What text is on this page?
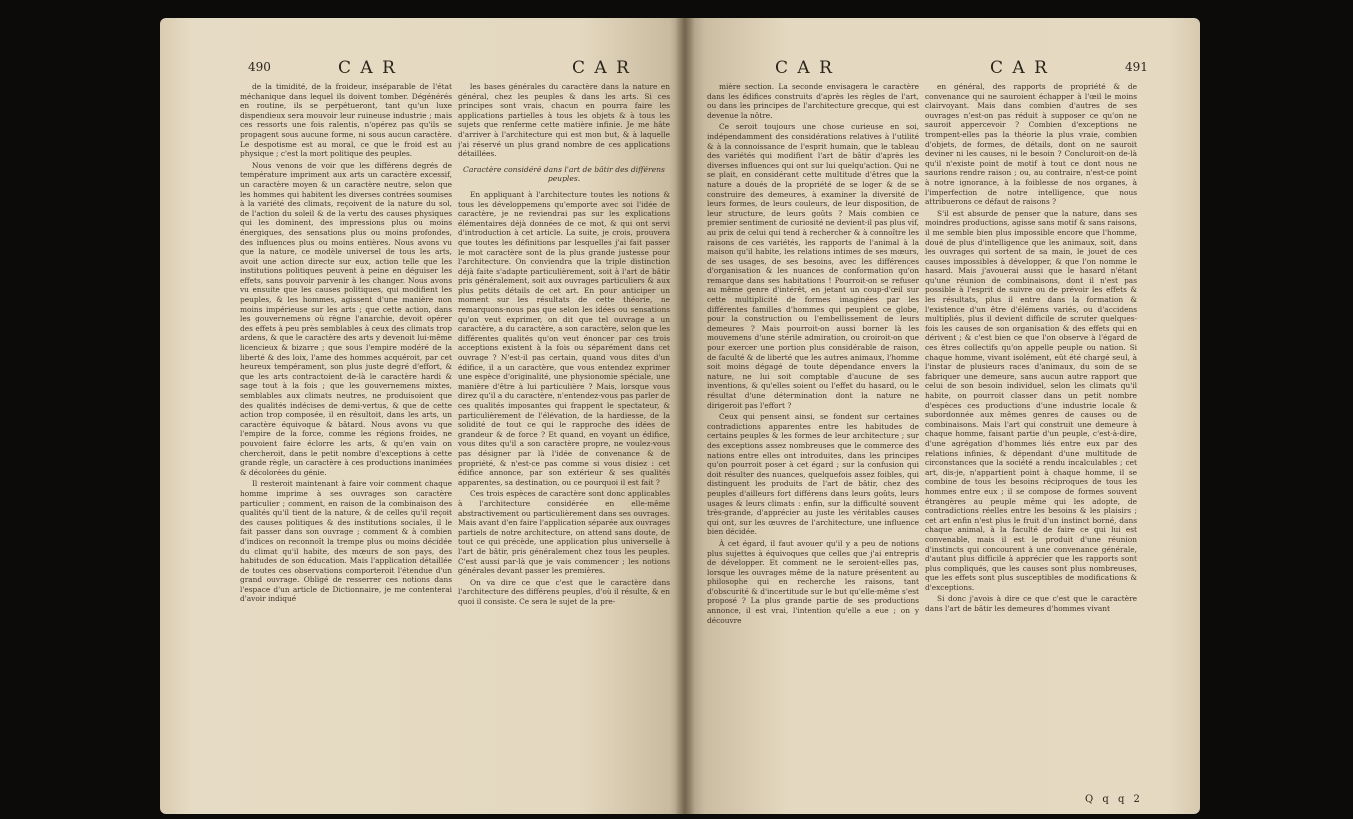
490	C A R	C A R

de la timidité, de la froideur, inséparable de l'état méchanique dans lequel ils doivent tomber. Dégénérés en routine, ils se perpétueront, tant qu'un luxe dispendieux sera mouvoir leur ruineuse industrie ; mais ces ressorts une fois ralentis, n'opérez pas qu'ils se propagent sous aucune forme, ni sous aucun caractère. Le despotisme est au moral, ce que le froid est au physique ; c'est la mort politique des peuples.

Nous venons de voir que les différens degrés de température impriment aux arts un caractère excessif, un caractère moyen & un caractère neutre, selon que les hommes qui habitent les diverses contrées soumises à la variété des climats, reçoivent de la nature du sol, de l'action du soleil & de la vertu des causes physiques qui les dominent, des impressions plus ou moins énergiques, des sensations plus ou moins profondes, des influences plus ou moins entières. Nous avons vu que la nature, ce modèle universel de tous les arts, avoit une action directe sur eux, action telle que les institutions politiques peuvent à peine en déguiser les effets, sans pouvoir parvenir à les changer. Nous avons vu ensuite que les causes politiques, qui modifient les peuples, & les hommes, agissent d'une manière non moins impérieuse sur les arts ; que cette action, dans les gouvernemens où règne l'anarchie, devoit opérer des effets à peu près semblables à ceux des climats trop ardens, & que le caractère des arts y devenoit lui-même licencieux & bizarre ; que sous l'empire modéré de la liberté & des loix, l'ame des hommes acquéroit, par cet heureux tempérament, son plus juste degré d'effort, & que les arts contractoient de-là le caractère hardi & sage tout à la fois ; que les gouvernemens mixtes, semblables aux climats neutres, ne produisoient que des qualités indécises de demi-vertus, & que de cette action trop composée, il en résultoit, dans les arts, un caractère équivoque & bâtard. Nous avons vu que l'empire de la force, comme les régions froides, ne pouvoient faire éclorre les arts, & qu'en vain on chercheroit, dans le petit nombre d'exceptions à cette grande règle, un caractère à ces productions inanimées & décolorées du génie.

Il resteroit maintenant à faire voir comment chaque homme imprime à ses ouvrages son caractère particulier ; comment, en raison de la combinaison des qualités qu'il tient de la nature, & de celles qu'il reçoit des causes politiques & des institutions sociales, il le fait passer dans son ouvrage ; comment & à combien d'indices on reconnoît la trempe plus ou moins décidée du climat qu'il habite, des mœurs de son pays, des habitudes de son éducation. Mais l'application détaillée de toutes ces observations comporteroit l'étendue d'un grand ouvrage. Obligé de resserrer ces notions dans l'espace d'un article de Dictionnaire, je me contenterai d'avoir indiqué

les bases générales du caractère dans la nature en général, chez les peuples & dans les arts. Si ces principes sont vrais, chacun en pourra faire les applications partielles à tous les objets & à tous les sujets que renferme cette matière infinie. Je me hâte d'arriver à l'architecture qui est mon but, & à laquelle j'ai réservé un plus grand nombre de ces applications détaillées.

Caractère considéré dans l'art de bâtir des différens peuples.

En appliquant à l'architecture toutes les notions & tous les développemens qu'emporte avec soi l'idée de caractère, je ne reviendrai pas sur les explications élémentaires déjà données de ce mot, & qui ont servi d'introduction à cet article. La suite, je crois, prouvera que toutes les définitions par lesquelles j'ai fait passer le mot caractère sont de la plus grande justesse pour l'architecture. On conviendra que la triple distinction déjà faite s'adapte particulièrement, soit à l'art de bâtir pris généralement, soit aux ouvrages particuliers & aux plus petits détails de cet art. En pour anticiper un moment sur les résultats de cette théorie, ne remarquons-nous pas que selon les idées ou sensations qu'on veut exprimer, on dit que tel ouvrage a un caractère, a du caractère, a son caractère, selon que les différentes qualités qu'on veut énoncer par ces trois acceptions existent à la fois ou séparément dans cet ouvrage ? N'est-il pas certain, quand vous dites d'un édifice, il a un caractère, que vous entendez exprimer une espèce d'originalité, une physionomie spéciale, une manière d'être à lui particulière ? Mais, lorsque vous direz qu'il a du caractère, n'entendez-vous pas parler de ces qualités imposantes qui frappent le spectateur, & particulièrement de l'élévation, de la hardiesse, de la solidité de tout ce qui le rapproche des idées de grandeur & de force ? Et quand, en voyant un édifice, vous dites qu'il a son caractère propre, ne voulez-vous pas désigner par là l'idée de convenance & de propriété, & n'est-ce pas comme si vous disiez : cet édifice annonce, par son extérieur & ses qualités apparentes, sa destination, ou ce pourquoi il est fait ?

Ces trois espèces de caractère sont donc applicables à l'architecture considérée en elle-même abstractivement ou particulièrement dans ses ouvrages. Mais avant d'en faire l'application séparée aux ouvrages partiels de notre architecture, on attend sans doute, de tout ce qui précède, une application plus universelle à l'art de bâtir, pris généralement chez tous les peuples. C'est aussi par-là que je vais commencer ; les notions générales devant passer les premières.

On va dire ce que c'est que le caractère dans l'architecture des différens peuples, d'où il résulte, & en quoi il consiste. Ce sera le sujet de la pre-

C A R	C A R	491

mière section. La seconde envisagera le caractère dans les édifices construits d'après les règles de l'art, ou dans les principes de l'architecture grecque, qui est devenue la nôtre.

Ce seroit toujours une chose curieuse en soi, indépendamment des considérations relatives à l'utilité & à la connoissance de l'esprit humain, que le tableau des variétés qui modifient l'art de bâtir d'après les diverses influences qui ont sur lui quelqu'action. Qui ne se plait, en considérant cette multitude d'êtres que la nature a doués de la propriété de se loger & de se construire des demeures, à examiner la diversité de leurs formes, de leurs couleurs, de leur disposition, de leur structure, de leurs goûts ? Mais combien ce premier sentiment de curiosité ne devient-il pas plus vif, au prix de celui qui tend à rechercher & à connoître les raisons de ces variétés, les rapports de l'animal à la maison qu'il habite, les relations intimes de ses mœurs, de ses usages, de ses besoins, avec les différences d'organisation & les nuances de conformation qu'on remarque dans ses habitations ! Pourroit-on se refuser au même genre d'intérêt, en jetant un coup-d'œil sur cette multiplicité de formes imaginées par les différentes familles d'hommes qui peuplent ce globe, pour la construction ou l'embellissement de leurs demeures ? Mais pourroit-on aussi borner là les mouvemens d'une stérile admiration, ou croiroit-on que pour exercer une portion plus considérable de raison, de faculté & de liberté que les autres animaux, l'homme soit moins dégagé de toute dépendance envers la nature, ne lui soit comptable d'aucune de ses inventions, & qu'elles soient ou l'effet du hasard, ou le résultat d'une détermination dont la nature ne dirigeroit pas l'effort ?

Ceux qui pensent ainsi, se fondent sur certaines contradictions apparentes entre les habitudes de certains peuples & les formes de leur architecture ; sur des exceptions assez nombreuses que le commerce des nations entre elles ont introduites, dans les principes qu'on pourroit poser à cet égard ; sur la confusion qui doit résulter des nuances, quelquefois assez foibles, qui distinguent les produits de l'art de bâtir, chez des peuples d'ailleurs fort différens dans leurs goûts, leurs usages & leurs climats : enfin, sur la difficulté souvent très-grande, d'apprécier au juste les véritables causes qui ont, sur les œuvres de l'architecture, une influence bien décidée.

À cet égard, il faut avouer qu'il y a peu de notions plus sujettes à équivoques que celles que j'ai entrepris de développer. Et comment ne le seroient-elles pas, lorsque les ouvrages même de la nature présentent au philosophe qui en recherche les raisons, tant d'obscurité & d'incertitude sur le but qu'elle-même s'est proposé ? La plus grande partie de ses productions annonce, il est vrai, l'intention qu'elle a eue ; on y découvre

en général, des rapports de propriété & de convenance qui ne sauroient échapper à l'œil le moins clairvoyant. Mais dans combien d'autres de ses ouvrages n'est-on pas réduit à supposer ce qu'on ne sauroit appercevoir ? Combien d'exceptions ne trompent-elles pas la théorie la plus vraie, combien d'objets, de formes, de détails, dont on ne sauroit deviner ni les causes, ni le besoin ? Concluroit-on de-là qu'il n'existe point de motif à tout ce dont nous ne saurions rendre raison ; ou, au contraire, n'est-ce point à notre ignorance, à la foiblesse de nos organes, à l'imperfection de notre intelligence, que nous attribuerons ce défaut de raisons ?

S'il est absurde de penser que la nature, dans ses moindres productions, agisse sans motif & sans raisons, il me semble bien plus impossible encore que l'homme, doué de plus d'intelligence que les animaux, soit, dans les ouvrages qui sortent de sa main, le jouet de ces causes impossibles à développer, & que l'on nomme le hasard. Mais j'avouerai aussi que le hasard n'étant qu'une réunion de combinaisons, dont il n'est pas possible à l'esprit de suivre ou de prévoir les effets & les résultats, plus il entre dans la formation & l'existence d'un être d'élémens variés, ou d'accidens multipliés, plus il devient difficile de scruter quelques-fois les causes de son organisation & des effets qui en dérivent ; & c'est bien ce que l'on observe à l'égard de ces êtres collectifs qu'on appelle peuple ou nation. Si chaque homme, vivant isolément, eût été chargé seul, à l'instar de plusieurs races d'animaux, du soin de se fabriquer une demeure, sans aucun autre rapport que celui de son besoin individuel, selon les climats qu'il habite, on pourroit classer dans un petit nombre d'espèces ces productions d'une industrie locale & subordonnée aux mêmes genres de causes ou de combinaisons. Mais l'art qui construit une demeure à chaque homme, faisant partie d'un peuple, c'est-à-dire, d'une agrégation d'hommes liés entre eux par des relations infinies, & dépendant d'une multitude de circonstances que la société a rendu incalculables ; cet art, dis-je, n'appartient point à chaque homme, il se combine de tous les besoins réciproques de tous les hommes entre eux ; il se compose de formes souvent étrangères au peuple même qui les adopte, de contradictions réelles entre les besoins & les plaisirs ; cet art enfin n'est plus le fruit d'un instinct borné, dans chaque animal, à la faculté de faire ce qui lui est convenable, mais il est le produit d'une réunion d'instincts qui concourent à une convenance générale, d'autant plus difficile à apprécier que les rapports sont plus compliqués, que les causes sont plus nombreuses, que les effets sont plus susceptibles de modifications & d'exceptions.

Si donc j'avois à dire ce que c'est que le caractère dans l'art de bâtir les demeures d'hommes vivant

Q q q 2
